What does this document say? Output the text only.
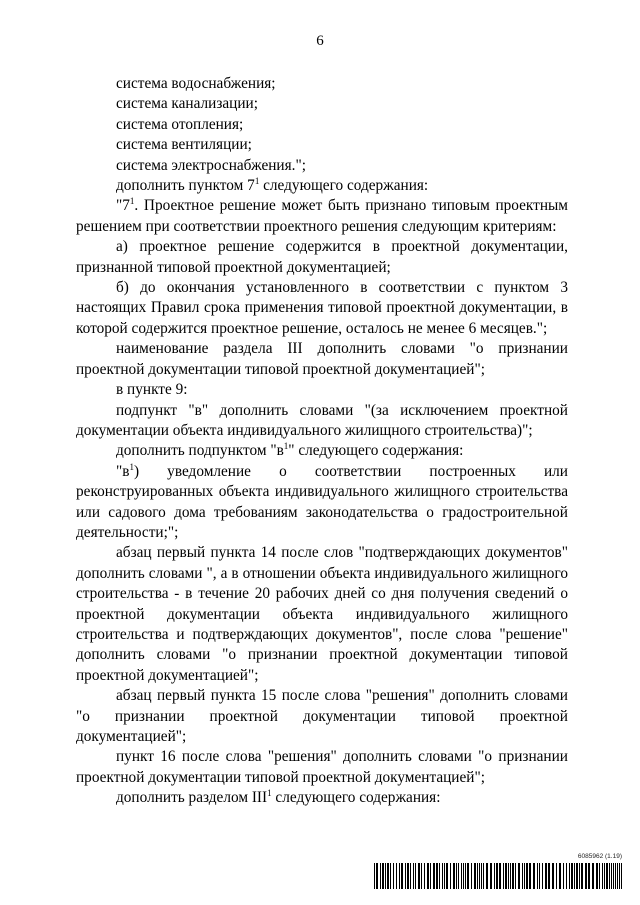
6

система водоснабжения;

система канализации;

система отопления;

система вентиляции;

система электроснабжения.";

дополнить пунктом $7^1$ следующего содержания:

"$7^1$. Проектное решение может быть признано типовым проектным решением при соответствии проектного решения следующим критериям:

а) проектное решение содержится в проектной документации, признанной типовой проектной документацией;

б) до окончания установленного в соответствии с пунктом 3 настоящих Правил срока применения типовой проектной документации, в которой содержится проектное решение, осталось не менее 6 месяцев.";

наименование раздела III дополнить словами "о признании проектной документации типовой проектной документацией";

в пункте 9:

подпункт "в" дополнить словами "(за исключением проектной документации объекта индивидуального жилищного строительства)";

дополнить подпунктом "$в^1$" следующего содержания:

"$в^1$) уведомление о соответствии построенных или

реконструированных объекта индивидуального жилищного строительства или садового дома требованиям законодательства о градостроительной деятельности;";

абзац первый пункта 14 после слов "подтверждающих документов" дополнить словами ", а в отношении объекта индивидуального жилищного строительства - в течение 20 рабочих дней со дня получения сведений о проектной документации объекта индивидуального жилищного строительства и подтверждающих документов", после слова "решение" дополнить словами "о признании проектной документации типовой проектной документацией";

абзац первый пункта 15 после слова "решения" дополнить словами "о признании проектной документации типовой проектной документацией";

пункт 16 после слова "решения" дополнить словами "о признании проектной документации типовой проектной документацией";

дополнить разделом III$^1$ следующего содержания:

6085962 (1.19)
